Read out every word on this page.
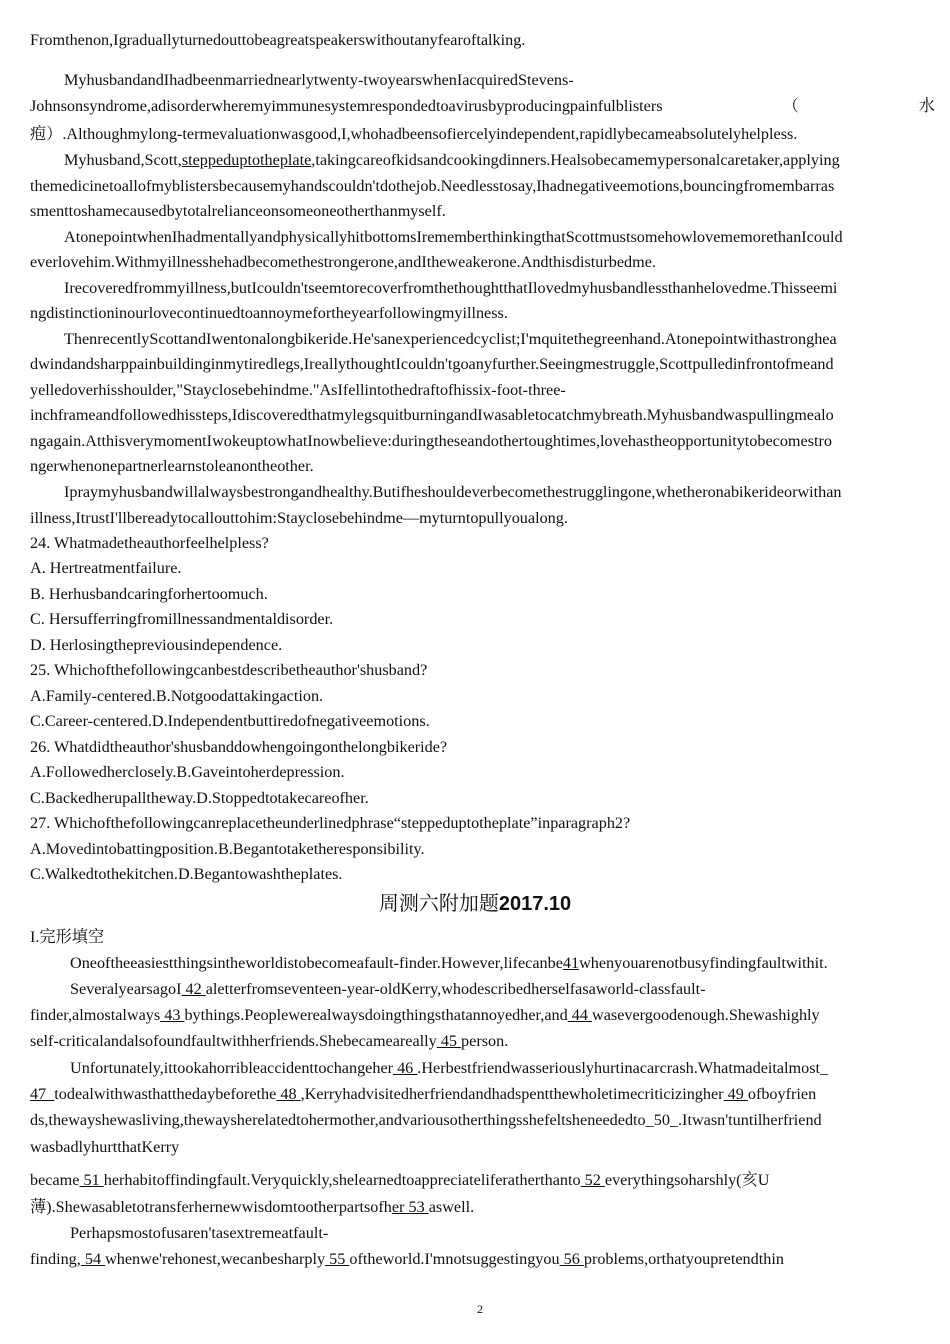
Fromthenon,Igraduallyturnedouttobeagreatspeakerswithoutanyfearoftalking.
MyhusbandandIhadbeenmarriednearlytwenty-twoyearswhenIacquiredStevens-
Johnsonsyndrome,adisorderwheremyimmunesystemrespondedtoavirusbyproducingpainfulblisters	（	水
疱）.Althoughmylong-termevaluationwasgood,I,whohadbeensofiercelyindependent,rapidlybecameabsolutelyhelpless.
Myhusband,Scott,steppeduptotheplate,takingcareofkidsandcookingdinners.Healsobecamemypersonalcaretaker,applying
themedicinetoallofmyblistersbecausemyhandscouldn'tdothejob.Needlesstosay,Ihadnegativeemotions,bouncingfromembarras
smenttoshamecausedbytotalrelianceonsomeoneotherthanmyself.
AtonepointwhenIhadmentallyandphysicallyhitbottomsIrememberthinkingthatScottmustsomehowlovememorethanIcould
everlovehim.Withmyillnesshehadbecomethestrongerone,andItheweakerone.Andthisdisturbedme.
Irecoveredfrommyillness,butIcouldn'tseemtorecoverfromthethoughtthatIlovedmyhusbandlessthanhelovedme.Thisseemi
ngdistinctioninourlovecontinuedtoannoymefortheyearfollowingmyillness.
ThenrecentlyScottandIwentonalongbikeride.He'sanexperiencedcyclist;I'mquitethegreenhand.Atonepointwithastronghea
dwindandsharppainbuildinginmytiredlegs,IreallythoughtIcouldn'tgoanyfurther.Seeingmestruggle,Scottpulledinfrontofmeand
yelledoverhisshoulder,"Stayclosebehindme."AsIfellintothedraftofhissix-foot-three-
inchframeandfollowedhissteps,IdiscoveredthatmylegsquitburningandIwasabletocatchmybreath.Myhusbandwaspullingmealo
ngagain.AtthisverymomentIwokeuptowhatInowbelieve:duringtheseandothertoughtimes,lovehastheopportunitytobecomestro
ngerwhenonepartnerlearnstoleanontheother.
Ipraymyhusbandwillalwaysbestrongandhealthy.Butifheshouldeverbecomethestrugglingone,whetheronabikerideorwithan
illness,ItrustI'llbereadytocallouttohim:Stayclosebehindme—myturntopullyoualong.
24. Whatmadetheauthorfeelhelpless?
A. Hertreatmentfailure.
B. Herhusbandcaringforhertoomuch.
C. Hersufferringfromillnessandmentaldisorder.
D. Herlosingthepreviousindependence.
25. Whichofthefollowingcanbestdescribetheauthor'shusband?
A.Family-centered.B.Notgoodattakingaction.
C.Career-centered.D.Independentbuttiredofnegativeemotions.
26. Whatdidtheauthor'shusbanddowhengoingonthelongbikeride?
A.Followedherclosely.B.Gaveintoherdepression.
C.Backedherupalltheway.D.Stoppedtotakecareofher.
27. Whichofthefollowingcanreplacetheunderlinedphrase“steppeduptotheplate”inparagraph2?
A.Movedintobattingposition.B.Begantotaketheresponsibility.
C.Walkedtothekitchen.D.Begantowashtheplates.
周测六附加题2017.10
I.完形填空
Oneoftheeasiestthingsintheworldistobecomeafault-finder.However,lifecanbe41whenyouarenotbusyfindingfaultwithit.
SeveralyearsagoI 42 aletterfromseventeen-year-oldKerry,whodescribedherselfasaworld-classfault-
finder,almostalways 43 bythings.Peoplewerealwaysdoingthingsthatannoyedher,and 44 wasevergoodenough.Shewashighly
self-criticalandalsofoundfaultwithherfriends.Shebecameareally 45 person.
Unfortunately,ittookahorribleaccidenttochangeher 46 .Herbestfriendwasseriouslyhurtinacarcrash.Whatmadeitalmost_
47_todealwithwasthatthedaybeforethe 48 ,Kerryhadvisitedherfriendandhadspentthewholetimecriticizingher 49 ofboyfrien
ds,thewayshewasliving,thewaysherelatedtohermother,andvariousotherthingsshefeltsheneededto_50_.Itwasn'tuntilherfriend
wasbadlyhurtthatKerry
became 51 herhabitoffindingfault.Veryquickly,shelearnedtoappreciateliferatherthanto 52 everythingsoharshly(亥U
薄).Shewasabletotransferhernewwisdomtootherpartsofher 53 aswell.
Perhapsmostofusaren'tasextremeatfault-
finding, 54 whenwe'rehonest,wecanbesharply 55 oftheworld.I'mnotsuggestingyou 56 problems,orthatyoupretendthin
2
